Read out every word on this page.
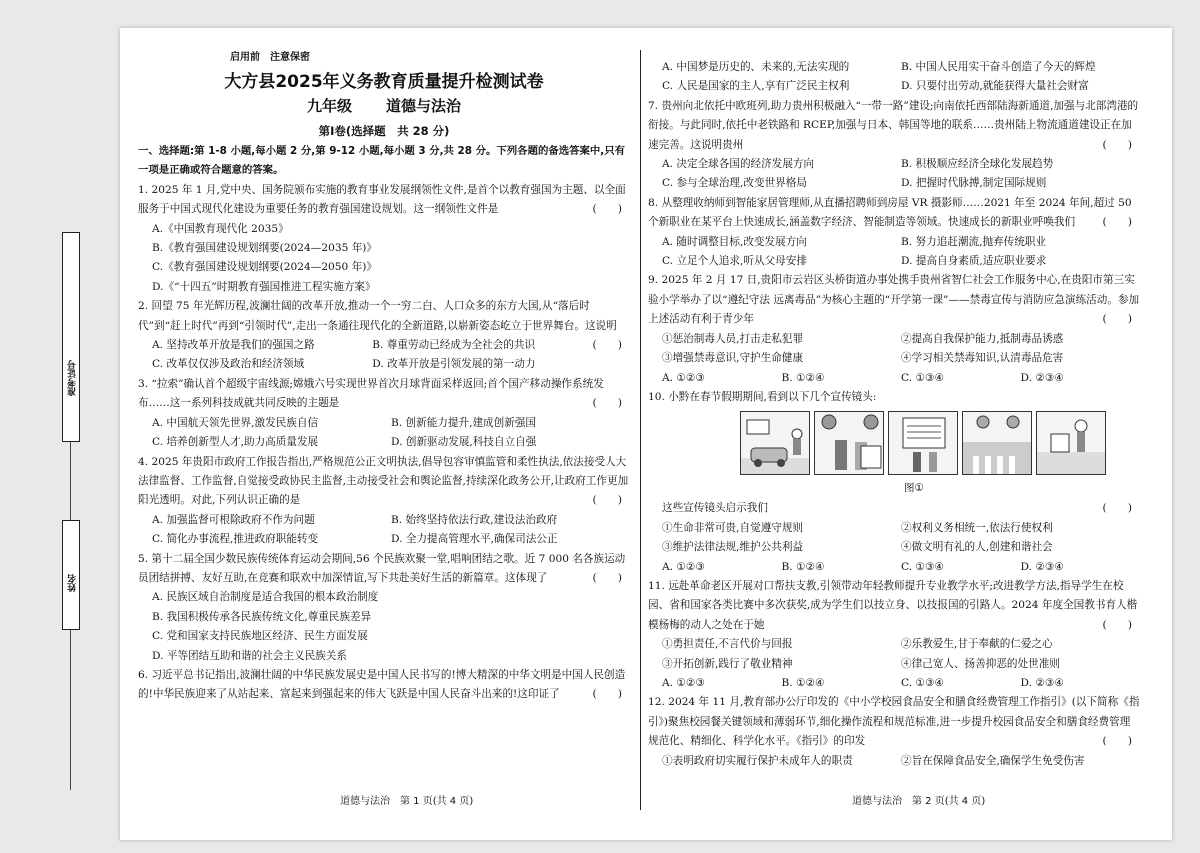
准考证号
姓名
启用前　注意保密
大方县2025年义务教育质量提升检测试卷
九年级 道德与法治
第Ⅰ卷(选择题　共 28 分)
一、选择题:第 1-8 小题,每小题 2 分,第 9-12 小题,每小题 3 分,共 28 分。下列各题的备选答案中,只有一项是正确或符合题意的答案。
1. 2025 年 1 月,党中央、国务院颁布实施的教育事业发展纲领性文件,是首个以教育强国为主题、以全面服务于中国式现代化建设为重要任务的教育强国建设规划。这一纲领性文件是	(　　)
A.《中国教育现代化 2035》
B.《教育强国建设规划纲要(2024—2035 年)》
C.《教育强国建设规划纲要(2024—2050 年)》
D.《“十四五”时期教育强国推进工程实施方案》
2. 回望 75 年光辉历程,波澜壮阔的改革开放,推动一个一穷二白、人口众多的东方大国,从“落后时代”到“赶上时代”再到“引领时代”,走出一条通往现代化的全新道路,以崭新姿态屹立于世界舞台。这说明
(　　)
A. 坚持改革开放是我们的强国之路	B. 尊重劳动已经成为全社会的共识
C. 改革仅仅涉及政治和经济领域	D. 改革开放是引领发展的第一动力
3. “拉索”确认首个超级宇宙线源;嫦娥六号实现世界首次月球背面采样返回;首个国产移动操作系统发布……这一系列科技成就共同反映的主题是	(　　)
A. 中国航天领先世界,激发民族自信	B. 创新能力提升,建成创新强国
C. 培养创新型人才,助力高质量发展	D. 创新驱动发展,科技自立自强
4. 2025 年贵阳市政府工作报告指出,严格规范公正文明执法,倡导包容审慎监管和柔性执法,依法接受人大法律监督、工作监督,自觉接受政协民主监督,主动接受社会和舆论监督,持续深化政务公开,让政府工作更加阳光透明。对此,下列认识正确的是	(　　)
A. 加强监督可根除政府不作为问题	B. 始终坚持依法行政,建设法治政府
C. 简化办事流程,推进政府职能转变	D. 全力提高管理水平,确保司法公正
5. 第十二届全国少数民族传统体育运动会期间,56 个民族欢聚一堂,唱响团结之歌。近 7 000 名各族运动员团结拼搏、友好互助,在竞赛和联欢中加深情谊,写下共赴美好生活的新篇章。这体现了	(　　)
A. 民族区域自治制度是适合我国的根本政治制度
B. 我国积极传承各民族传统文化,尊重民族差异
C. 党和国家支持民族地区经济、民生方面发展
D. 平等团结互助和谐的社会主义民族关系
6. 习近平总书记指出,波澜壮阔的中华民族发展史是中国人民书写的!博大精深的中华文明是中国人民创造的!中华民族迎来了从站起来、富起来到强起来的伟大飞跃是中国人民奋斗出来的!这印证了	(　　)
A. 中国梦是历史的、未来的,无法实现的	B. 中国人民用实干奋斗创造了今天的辉煌
C. 人民是国家的主人,享有广泛民主权利	D. 只要付出劳动,就能获得大量社会财富
7. 贵州向北依托中欧班列,助力贵州积极融入“一带一路”建设;向南依托西部陆海新通道,加强与北部湾港的衔接。与此同时,依托中老铁路和 RCEP,加强与日本、韩国等地的联系……贵州陆上物流通道建设正在加速完善。这说明贵州	(　　)
A. 决定全球各国的经济发展方向	B. 积极顺应经济全球化发展趋势
C. 参与全球治理,改变世界格局	D. 把握时代脉搏,制定国际规则
8. 从整理收纳师到智能家居管理师,从直播招聘师到房屋 VR 摄影师……2021 年至 2024 年间,超过 50 个新职业在某平台上快速成长,涵盖数字经济、智能制造等领域。快速成长的新职业呼唤我们	(　　)
A. 随时调整目标,改变发展方向	B. 努力追赶潮流,抛弃传统职业
C. 立足个人追求,听从父母安排	D. 提高自身素质,适应职业要求
9. 2025 年 2 月 17 日,贵阳市云岩区头桥街道办事处携手贵州省智仁社会工作服务中心,在贵阳市第三实验小学举办了以“遵纪守法 远离毒品”为核心主题的“开学第一课”——禁毒宣传与消防应急演练活动。参加上述活动有利于青少年	(　　)
①惩治制毒人员,打击走私犯罪	②提高自我保护能力,抵制毒品诱惑
③增强禁毒意识,守护生命健康	④学习相关禁毒知识,认清毒品危害
A. ①②③	B. ①②④	C. ①③④	D. ②③④
10. 小黔在春节假期期间,看到以下几个宣传镜头:
图①
这些宣传镜头启示我们	(　　)
①生命非常可贵,自觉遵守规则	②权利义务相统一,依法行使权利
③维护法律法规,维护公共利益	④做文明有礼的人,创建和谐社会
A. ①②③	B. ①②④	C. ①③④	D. ②③④
11. 远赴革命老区开展对口帮扶支教,引领带动年轻教师提升专业教学水平;改进教学方法,指导学生在校园、省和国家各类比赛中多次获奖,成为学生们以技立身、以技报国的引路人。2024 年度全国教书育人楷模杨梅的动人之处在于她	(　　)
①勇担责任,不言代价与回报	②乐教爱生,甘于奉献的仁爱之心
③开拓创新,践行了敬业精神	④律己宽人、扬善抑恶的处世准则
A. ①②③	B. ①②④	C. ①③④	D. ②③④
12. 2024 年 11 月,教育部办公厅印发的《中小学校园食品安全和膳食经费管理工作指引》(以下简称《指引》)聚焦校园餐关键领域和薄弱环节,细化操作流程和规范标准,进一步提升校园食品安全和膳食经费管理规范化、精细化、科学化水平。《指引》的印发	(　　)
①表明政府切实履行保护未成年人的职责	②旨在保障食品安全,确保学生免受伤害
道德与法治　第 1 页(共 4 页)	道德与法治　第 2 页(共 4 页)
